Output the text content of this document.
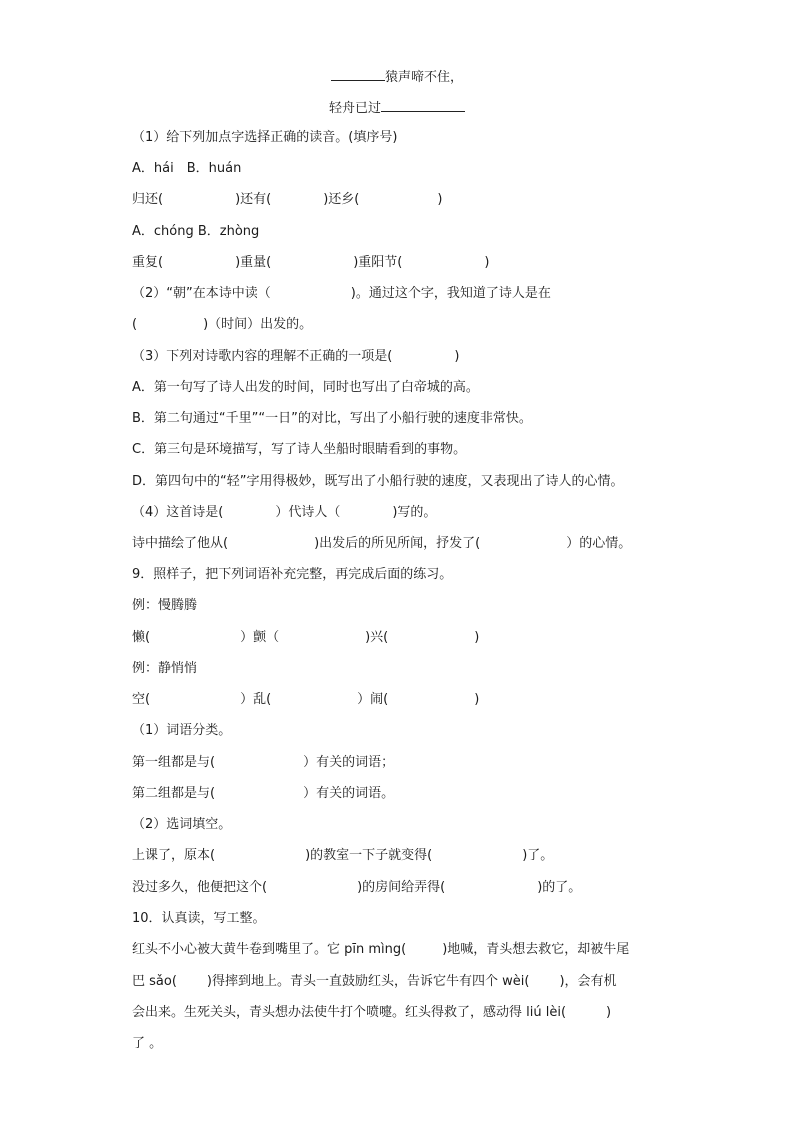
猿声啼不住，
轻舟已过
（1）给下列加点字选择正确的读音。(填序号)
A．hái　B．huán
归还(	)还有(	)还乡(	)
A．chóng B．zhòng
重复(	)重量(	)重阳节(	)
（2）“朝”在本诗中读（	)。通过这个字，我知道了诗人是在
(	)（时间）出发的。
（3）下列对诗歌内容的理解不正确的一项是(	)
A．第一句写了诗人出发的时间，同时也写出了白帝城的高。
B．第二句通过“千里”“一日”的对比，写出了小船行驶的速度非常快。
C．第三句是环境描写，写了诗人坐船时眼睛看到的事物。
D．第四句中的“轻”字用得极妙，既写出了小船行驶的速度，又表现出了诗人的心情。
（4）这首诗是(	）代诗人（	)写的。
诗中描绘了他从(	)出发后的所见所闻，抒发了(	）的心情。
9．照样子，把下列词语补充完整，再完成后面的练习。
例：慢腾腾
懒(	）颤（	)兴(	)
例：静悄悄
空(	）乱(	）闹(	)
（1）词语分类。
第一组都是与(	）有关的词语；
第二组都是与(	）有关的词语。
（2）选词填空。
上课了，原本(	)的教室一下子就变得(	)了。
没过多久，他便把这个(	)的房间给弄得(	)的了。
10．认真读，写工整。
红头不小心被大黄牛卷到嘴里了。它 pīn mìng(	)地喊，青头想去救它，却被牛尾
巴 sǎo( )得摔到地上。青头一直鼓励红头，告诉它牛有四个 wèi( )，会有机
会出来。生死关头，青头想办法使牛打个喷嚏。红头得救了，感动得 liú lèi(	)
了 。
